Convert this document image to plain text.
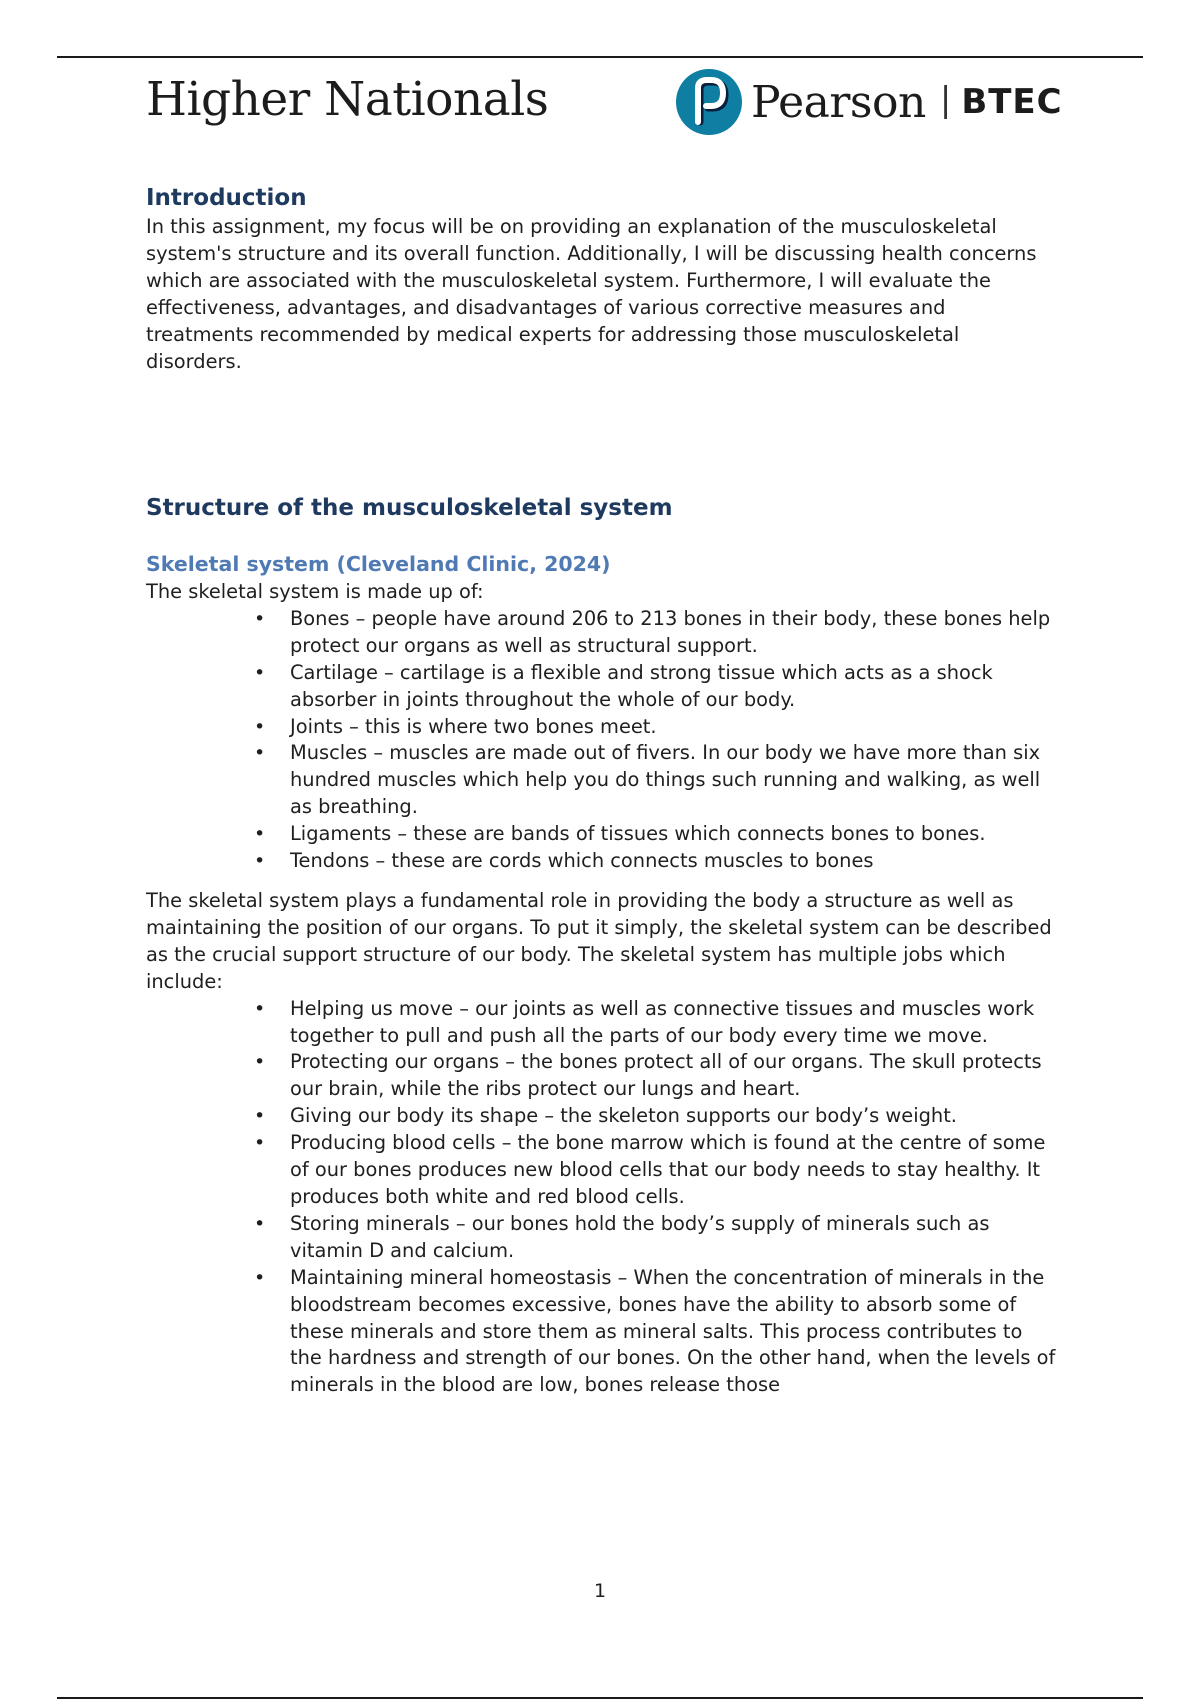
Higher Nationals	Pearson | BTEC
Introduction

In this assignment, my focus will be on providing an explanation of the musculoskeletal system's structure and its overall function. Additionally, I will be discussing health concerns which are associated with the musculoskeletal system. Furthermore, I will evaluate the effectiveness, advantages, and disadvantages of various corrective measures and treatments recommended by medical experts for addressing those musculoskeletal disorders.

Structure of the musculoskeletal system
Skeletal system (Cleveland Clinic, 2024)

The skeletal system is made up of:

• Bones – people have around 206 to 213 bones in their body, these bones help protect our organs as well as structural support.
• Cartilage – cartilage is a flexible and strong tissue which acts as a shock absorber in joints throughout the whole of our body.
• Joints – this is where two bones meet.
• Muscles – muscles are made out of fivers. In our body we have more than six hundred muscles which help you do things such running and walking, as well as breathing.
• Ligaments – these are bands of tissues which connects bones to bones.
• Tendons – these are cords which connects muscles to bones

The skeletal system plays a fundamental role in providing the body a structure as well as maintaining the position of our organs. To put it simply, the skeletal system can be described as the crucial support structure of our body. The skeletal system has multiple jobs which include:

• Helping us move – our joints as well as connective tissues and muscles work together to pull and push all the parts of our body every time we move.
• Protecting our organs – the bones protect all of our organs. The skull protects our brain, while the ribs protect our lungs and heart.
• Giving our body its shape – the skeleton supports our body’s weight.
• Producing blood cells – the bone marrow which is found at the centre of some of our bones produces new blood cells that our body needs to stay healthy. It produces both white and red blood cells.
• Storing minerals – our bones hold the body’s supply of minerals such as vitamin D and calcium.
• Maintaining mineral homeostasis – When the concentration of minerals in the bloodstream becomes excessive, bones have the ability to absorb some of these minerals and store them as mineral salts. This process contributes to the hardness and strength of our bones. On the other hand, when the levels of minerals in the blood are low, bones release those
1
